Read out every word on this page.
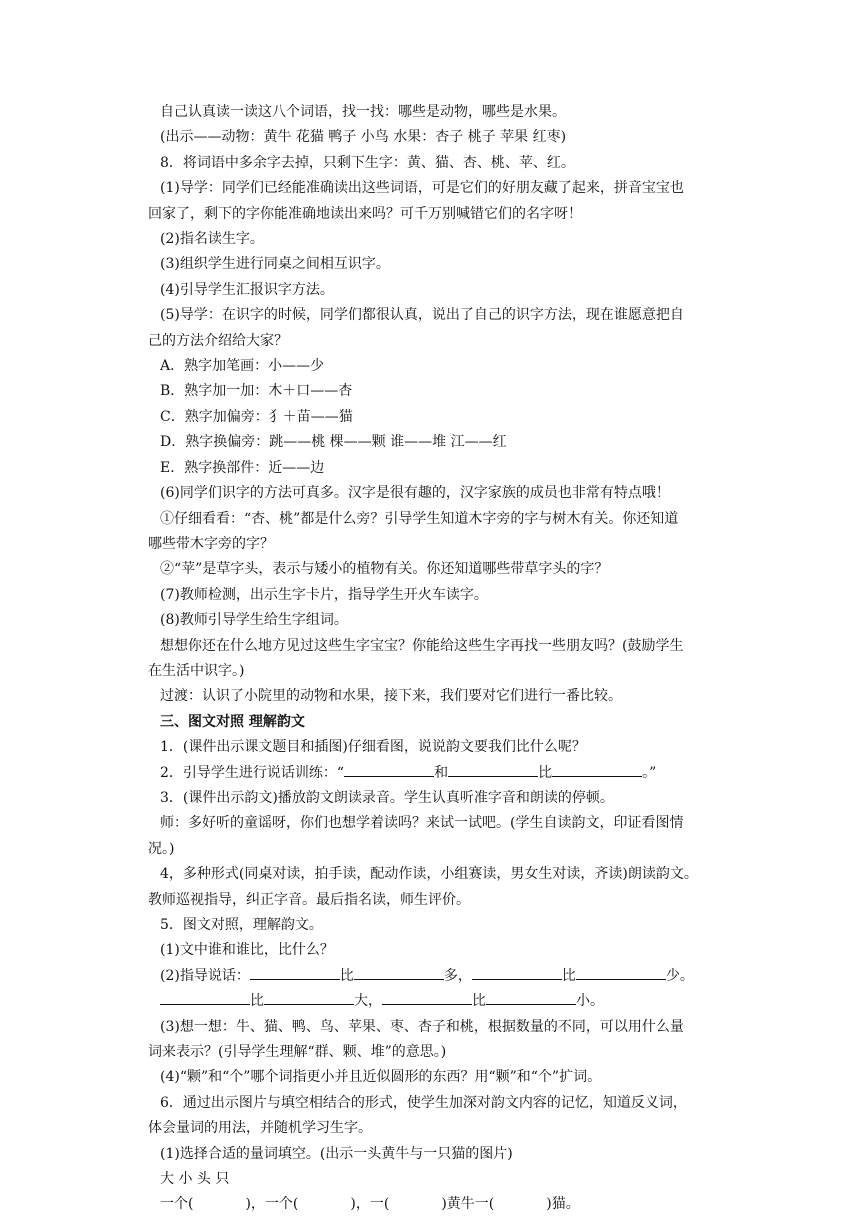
自己认真读一读这八个词语，找一找：哪些是动物，哪些是水果。

(出示——动物：黄牛 花猫 鸭子 小鸟 水果：杏子 桃子 苹果 红枣)

8．将词语中多余字去掉，只剩下生字：黄、猫、杏、桃、苹、红。

(1)导学：同学们已经能准确读出这些词语，可是它们的好朋友藏了起来，拼音宝宝也

回家了，剩下的字你能准确地读出来吗？可千万别喊错它们的名字呀！

(2)指名读生字。

(3)组织学生进行同桌之间相互识字。

(4)引导学生汇报识字方法。

(5)导学：在识字的时候，同学们都很认真，说出了自己的识字方法，现在谁愿意把自

己的方法介绍给大家？

A．熟字加笔画：小——少

B．熟字加一加：木＋口——杏

C．熟字加偏旁：犭＋苗——猫

D．熟字换偏旁：跳——桃 棵——颗 谁——堆 江——红

E．熟字换部件：近——边

(6)同学们识字的方法可真多。汉字是很有趣的，汉字家族的成员也非常有特点哦！

①仔细看看：“杏、桃”都是什么旁？引导学生知道木字旁的字与树木有关。你还知道

哪些带木字旁的字？

②“苹”是草字头，表示与矮小的植物有关。你还知道哪些带草字头的字？

(7)教师检测，出示生字卡片，指导学生开火车读字。

(8)教师引导学生给生字组词。

想想你还在什么地方见过这些生字宝宝？你能给这些生字再找一些朋友吗？(鼓励学生

在生活中识字。)

过渡：认识了小院里的动物和水果，接下来，我们要对它们进行一番比较。

三、图文对照 理解韵文

1．(课件出示课文题目和插图)仔细看图，说说韵文要我们比什么呢？

2．引导学生进行说话训练：“	和	比	。”

3．(课件出示韵文)播放韵文朗读录音。学生认真听准字音和朗读的停顿。

师：多好听的童谣呀，你们也想学着读吗？来试一试吧。(学生自读韵文，印证看图情

况。)

4，多种形式(同桌对读，拍手读，配动作读，小组赛读，男女生对读，齐读)朗读韵文。

教师巡视指导，纠正字音。最后指名读，师生评价。

5．图文对照，理解韵文。

(1)文中谁和谁比，比什么？

(2)指导说话：	比	多，	比	少。

比	大，	比	小。

(3)想一想：牛、猫、鸭、鸟、苹果、枣、杏子和桃，根据数量的不同，可以用什么量

词来表示？(引导学生理解“群、颗、堆”的意思。)

(4)“颗”和“个”哪个词指更小并且近似圆形的东西？用“颗”和“个”扩词。

6．通过出示图片与填空相结合的形式，使学生加深对韵文内容的记忆，知道反义词，

体会量词的用法，并随机学习生字。

(1)选择合适的量词填空。(出示一头黄牛与一只猫的图片)

大 小 头 只

一个(	)，一个(	)，一(	)黄牛一(	)猫。
